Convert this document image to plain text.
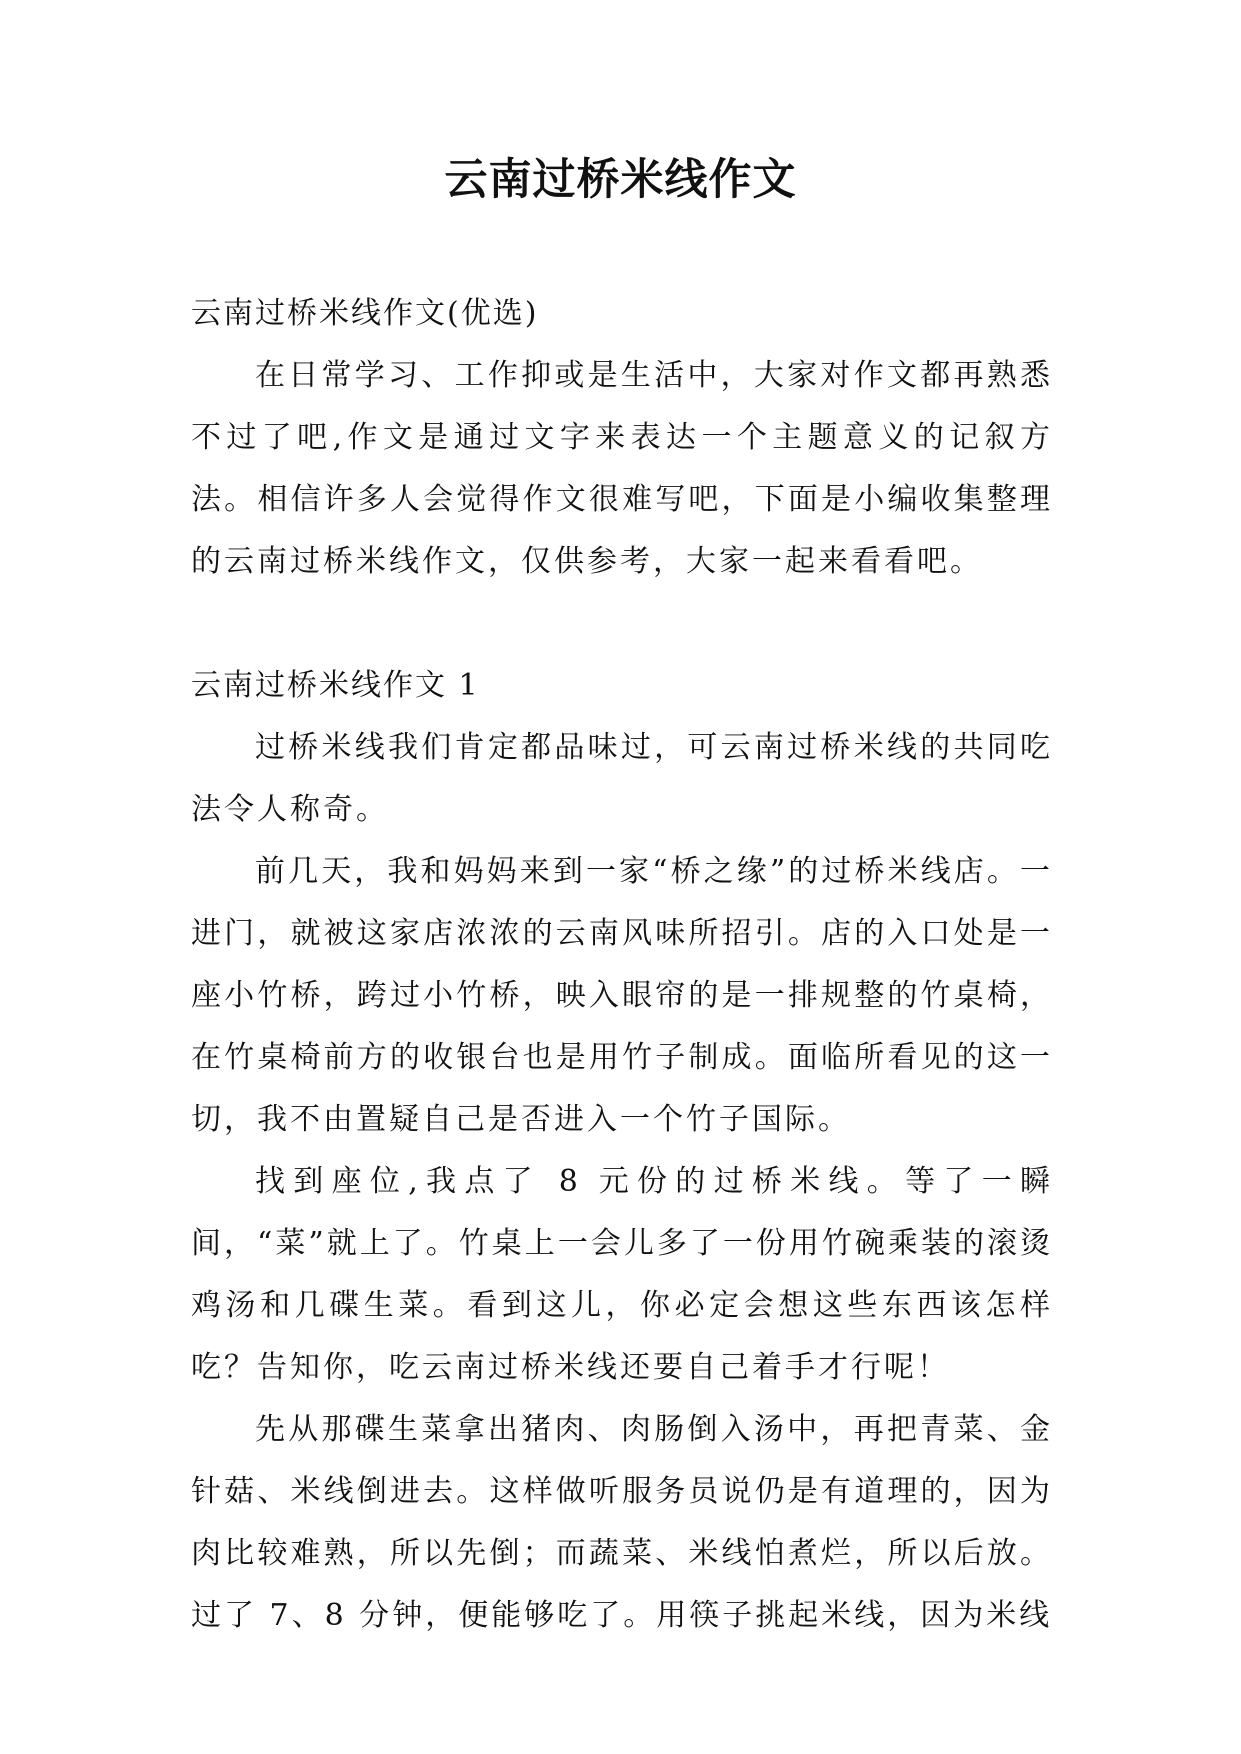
云南过桥米线作文

云南过桥米线作文(优选)

在日常学习、工作抑或是生活中，大家对作文都再熟悉不过了吧,作文是通过文字来表达一个主题意义的记叙方法。相信许多人会觉得作文很难写吧，下面是小编收集整理的云南过桥米线作文，仅供参考，大家一起来看看吧。

云南过桥米线作文 1

过桥米线我们肯定都品味过，可云南过桥米线的共同吃法令人称奇。

前几天，我和妈妈来到一家“桥之缘”的过桥米线店。一进门，就被这家店浓浓的云南风味所招引。店的入口处是一座小竹桥，跨过小竹桥，映入眼帘的是一排规整的竹桌椅，在竹桌椅前方的收银台也是用竹子制成。面临所看见的这一切，我不由置疑自己是否进入一个竹子国际。

找到座位,我点了 8 元份的过桥米线。等了一瞬间，“菜”就上了。竹桌上一会儿多了一份用竹碗乘装的滚烫鸡汤和几碟生菜。看到这儿，你必定会想这些东西该怎样吃？告知你，吃云南过桥米线还要自己着手才行呢！

先从那碟生菜拿出猪肉、肉肠倒入汤中，再把青菜、金针菇、米线倒进去。这样做听服务员说仍是有道理的，因为肉比较难熟，所以先倒；而蔬菜、米线怕煮烂，所以后放。过了 7、8 分钟，便能够吃了。用筷子挑起米线，因为米线
